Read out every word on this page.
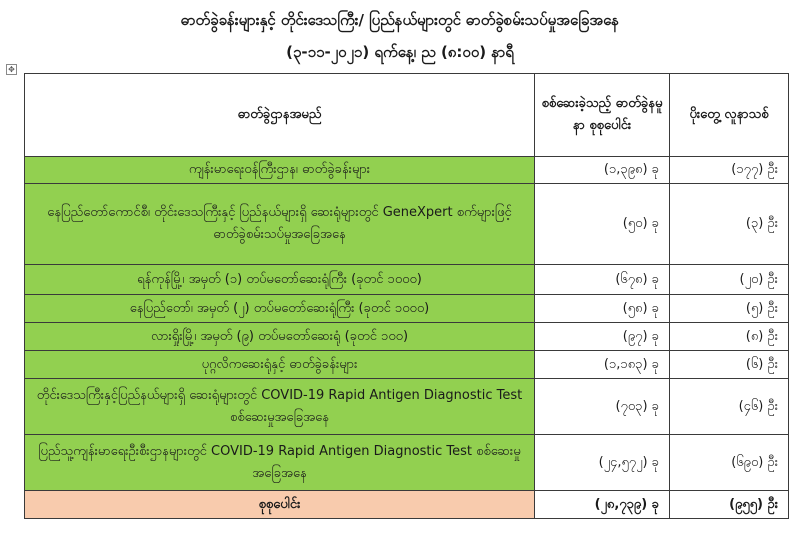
ဓာတ်ခွဲခန်းများနှင့် တိုင်းဒေသကြီး/ ပြည်နယ်များတွင် ဓာတ်ခွဲစမ်းသပ်မှုအခြေအနေ
(၃-၁၁-၂၀၂၁) ရက်နေ့၊ ည (၈:၀၀) နာရီ
✥
ဓာတ်ခွဲဌာနအမည်	စစ်ဆေးခဲ့သည့် ဓာတ်ခွဲနမူနာ စုစုပေါင်း	ပိုးတွေ့ လူနာသစ်
ကျန်းမာရေးဝန်ကြီးဌာန၊ ဓာတ်ခွဲခန်းများ	(၁,၃၉၈) ခု	(၁၇၇) ဦး
နေပြည်တော်ကောင်စီ၊ တိုင်းဒေသကြီးနှင့် ပြည်နယ်များရှိ ဆေးရုံများတွင် GeneXpert စက်များဖြင့် ဓာတ်ခွဲစမ်းသပ်မှုအခြေအနေ	(၅၀) ခု	(၃) ဦး
ရန်ကုန်မြို့၊ အမှတ် (၁) တပ်မတော်ဆေးရုံကြီး (ခုတင် ၁၀၀၀)	(၆၇၈) ခု	(၂၀) ဦး
နေပြည်တော်၊ အမှတ် (၂) တပ်မတော်ဆေးရုံကြီး (ခုတင် ၁၀၀၀)	(၅၈) ခု	(၅) ဦး
လားရှိုးမြို့၊ အမှတ် (၉) တပ်မတော်ဆေးရုံ (ခုတင် ၁၀၀)	(၉၇) ခု	(၈) ဦး
ပုဂ္ဂလိကဆေးရုံနှင့် ဓာတ်ခွဲခန်းများ	(၁,၁၈၃) ခု	(၆) ဦး
တိုင်းဒေသကြီးနှင့်ပြည်နယ်များရှိ ဆေးရုံများတွင် COVID-19 Rapid Antigen Diagnostic Test စစ်ဆေးမှုအခြေအနေ	(၇၀၃) ခု	(၄၆) ဦး
ပြည်သူ့ကျန်းမာရေးဦးစီးဌာနများတွင် COVID-19 Rapid Antigen Diagnostic Test စစ်ဆေးမှုအခြေအနေ	(၂၄,၅၇၂) ခု	(၆၉၀) ဦး
စုစုပေါင်း	(၂၈,၇၃၉) ခု	(၉၅၅) ဦး
